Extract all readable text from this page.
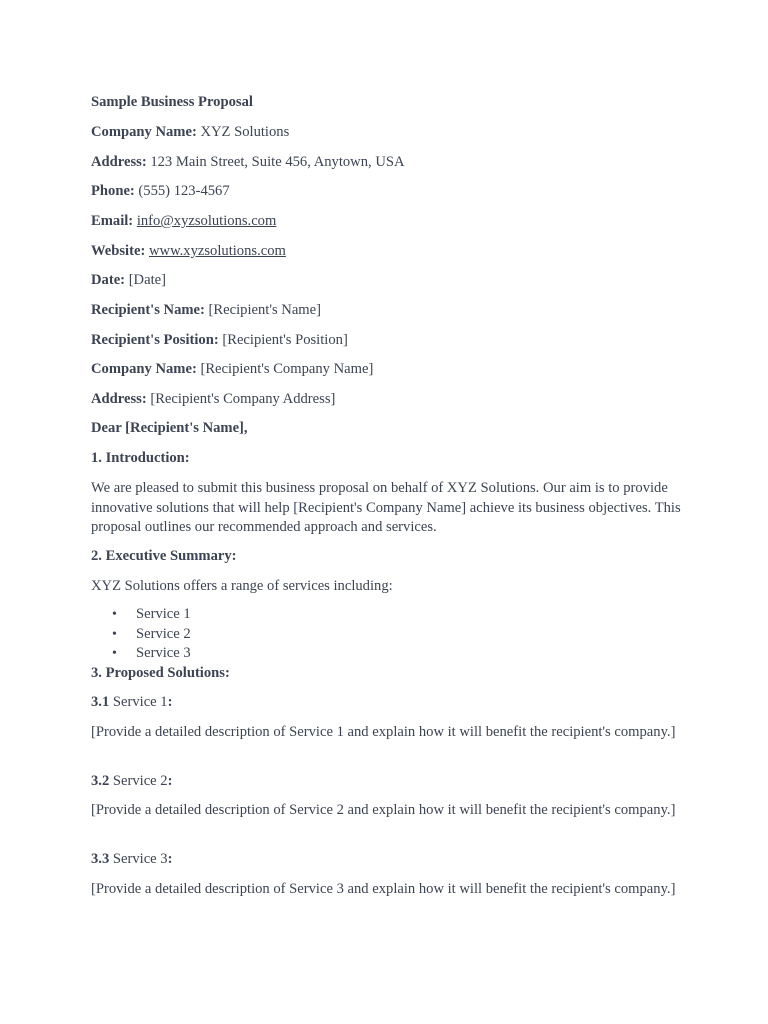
Sample Business Proposal
Company Name: XYZ Solutions
Address: 123 Main Street, Suite 456, Anytown, USA
Phone: (555) 123-4567
Email: info@xyzsolutions.com
Website: www.xyzsolutions.com
Date: [Date]
Recipient's Name: [Recipient's Name]
Recipient's Position: [Recipient's Position]
Company Name: [Recipient's Company Name]
Address: [Recipient's Company Address]
Dear [Recipient's Name],
1. Introduction:
We are pleased to submit this business proposal on behalf of XYZ Solutions. Our aim is to provide innovative solutions that will help [Recipient's Company Name] achieve its business objectives. This proposal outlines our recommended approach and services.
2. Executive Summary:
XYZ Solutions offers a range of services including:
• Service 1
• Service 2
• Service 3
3. Proposed Solutions:
3.1 Service 1:
[Provide a detailed description of Service 1 and explain how it will benefit the recipient's company.]
3.2 Service 2:
[Provide a detailed description of Service 2 and explain how it will benefit the recipient's company.]
3.3 Service 3:
[Provide a detailed description of Service 3 and explain how it will benefit the recipient's company.]
